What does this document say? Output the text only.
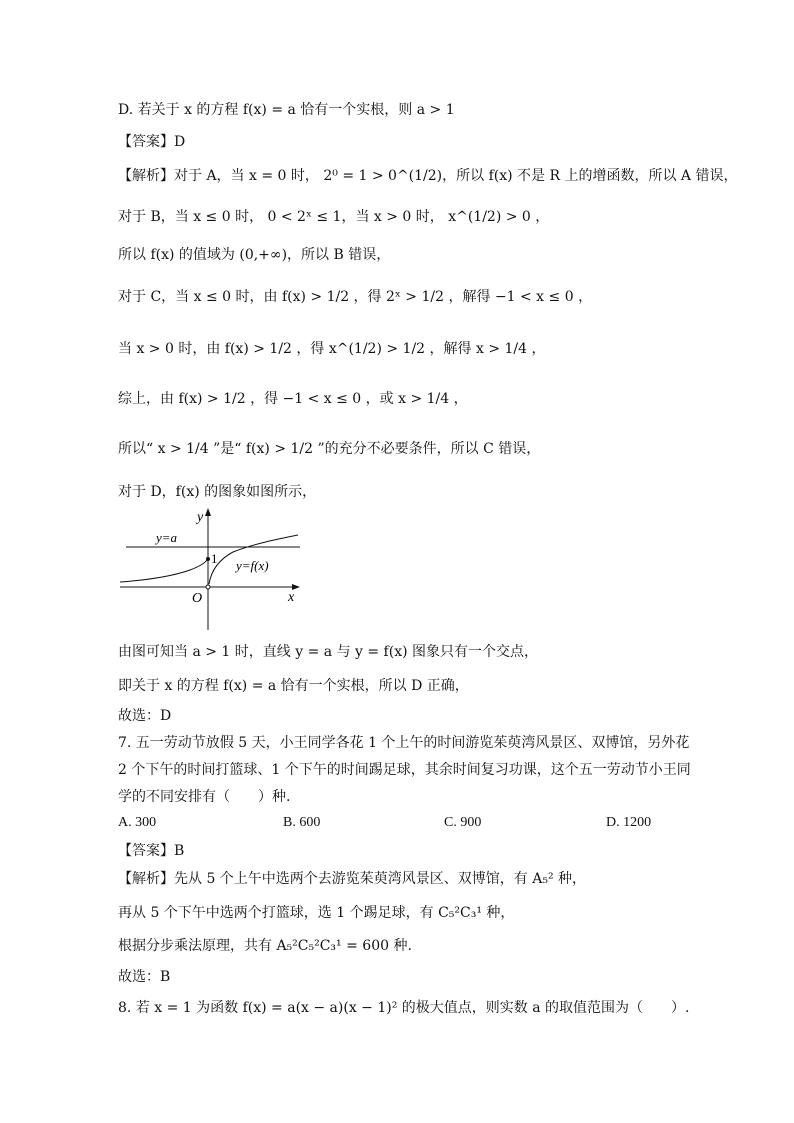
D. 若关于 x 的方程 f(x) = a 恰有一个实根，则 a > 1
【答案】D
【解析】对于 A，当 x = 0 时， 2⁰ = 1 > 0^(1/2)，所以 f(x) 不是 R 上的增函数，所以 A 错误，
对于 B，当 x ≤ 0 时， 0 < 2ˣ ≤ 1，当 x > 0 时， x^(1/2) > 0 ，
所以 f(x) 的值域为 (0,+∞)，所以 B 错误，
对于 C，当 x ≤ 0 时，由 f(x) > 1/2 ，得 2ˣ > 1/2 ，解得 −1 < x ≤ 0 ，
当 x > 0 时，由 f(x) > 1/2 ，得 x^(1/2) > 1/2 ，解得 x > 1/4 ，
综上，由 f(x) > 1/2 ，得 −1 < x ≤ 0 ，或 x > 1/4 ，
所以“ x > 1/4 ”是“ f(x) > 1/2 ”的充分不必要条件，所以 C 错误，
对于 D，f(x) 的图象如图所示，
y
x
O
1
y=a
y=f(x)
由图可知当 a > 1 时，直线 y = a 与 y = f(x) 图象只有一个交点，
即关于 x 的方程 f(x) = a 恰有一个实根，所以 D 正确，
故选：D
7. 五一劳动节放假 5 天，小王同学各花 1 个上午的时间游览茱萸湾风景区、双博馆，另外花
2 个下午的时间打篮球、1 个下午的时间踢足球，其余时间复习功课，这个五一劳动节小王同
学的不同安排有（　　）种.
A. 300	B. 600	C. 900	D. 1200
【答案】B
【解析】先从 5 个上午中选两个去游览茱萸湾风景区、双博馆，有 A₅² 种，
再从 5 个下午中选两个打篮球，选 1 个踢足球，有 C₅²C₃¹ 种，
根据分步乘法原理，共有 A₅²C₅²C₃¹ = 600 种.
故选：B
8. 若 x = 1 为函数 f(x) = a(x − a)(x − 1)² 的极大值点，则实数 a 的取值范围为（　　）.
